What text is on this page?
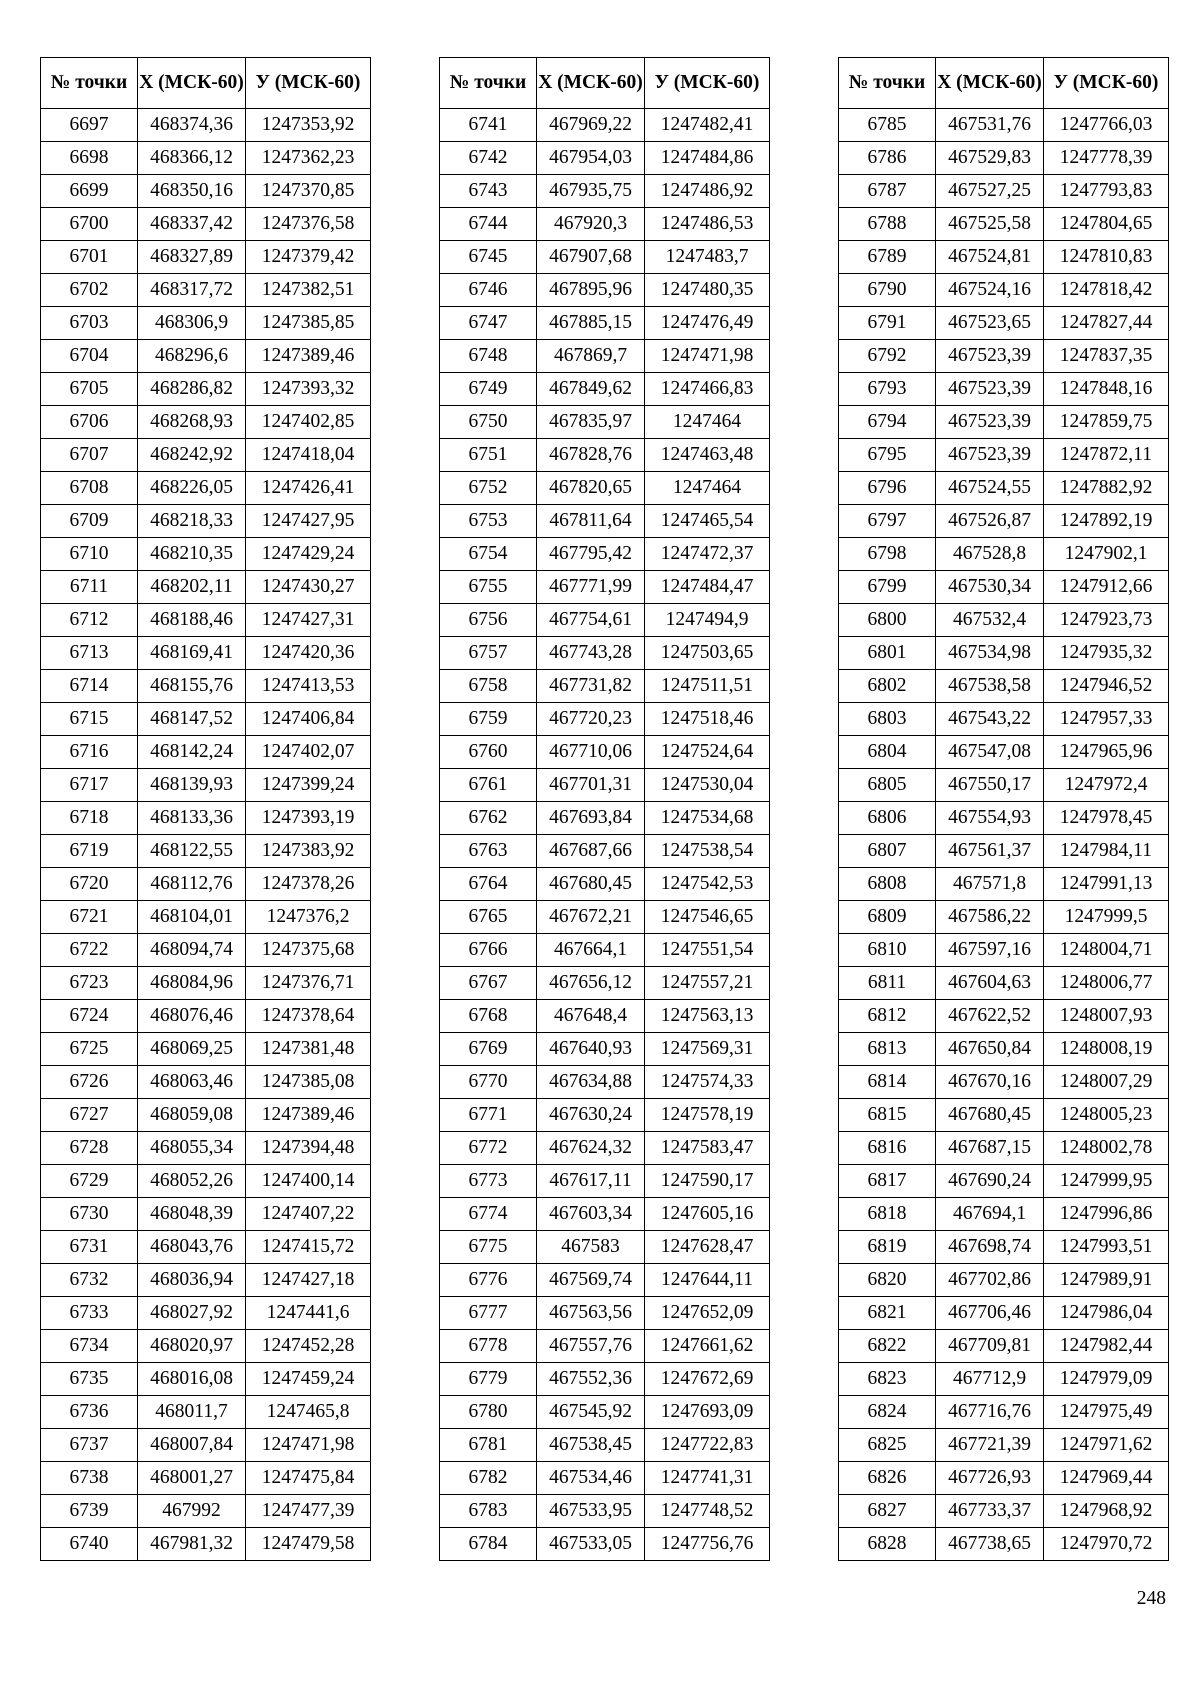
№ точки	Х (МСК-60)	У (МСК-60)
6697	468374,36	1247353,92
6698	468366,12	1247362,23
6699	468350,16	1247370,85
6700	468337,42	1247376,58
6701	468327,89	1247379,42
6702	468317,72	1247382,51
6703	468306,9	1247385,85
6704	468296,6	1247389,46
6705	468286,82	1247393,32
6706	468268,93	1247402,85
6707	468242,92	1247418,04
6708	468226,05	1247426,41
6709	468218,33	1247427,95
6710	468210,35	1247429,24
6711	468202,11	1247430,27
6712	468188,46	1247427,31
6713	468169,41	1247420,36
6714	468155,76	1247413,53
6715	468147,52	1247406,84
6716	468142,24	1247402,07
6717	468139,93	1247399,24
6718	468133,36	1247393,19
6719	468122,55	1247383,92
6720	468112,76	1247378,26
6721	468104,01	1247376,2
6722	468094,74	1247375,68
6723	468084,96	1247376,71
6724	468076,46	1247378,64
6725	468069,25	1247381,48
6726	468063,46	1247385,08
6727	468059,08	1247389,46
6728	468055,34	1247394,48
6729	468052,26	1247400,14
6730	468048,39	1247407,22
6731	468043,76	1247415,72
6732	468036,94	1247427,18
6733	468027,92	1247441,6
6734	468020,97	1247452,28
6735	468016,08	1247459,24
6736	468011,7	1247465,8
6737	468007,84	1247471,98
6738	468001,27	1247475,84
6739	467992	1247477,39
6740	467981,32	1247479,58
№ точки	Х (МСК-60)	У (МСК-60)
6741	467969,22	1247482,41
6742	467954,03	1247484,86
6743	467935,75	1247486,92
6744	467920,3	1247486,53
6745	467907,68	1247483,7
6746	467895,96	1247480,35
6747	467885,15	1247476,49
6748	467869,7	1247471,98
6749	467849,62	1247466,83
6750	467835,97	1247464
6751	467828,76	1247463,48
6752	467820,65	1247464
6753	467811,64	1247465,54
6754	467795,42	1247472,37
6755	467771,99	1247484,47
6756	467754,61	1247494,9
6757	467743,28	1247503,65
6758	467731,82	1247511,51
6759	467720,23	1247518,46
6760	467710,06	1247524,64
6761	467701,31	1247530,04
6762	467693,84	1247534,68
6763	467687,66	1247538,54
6764	467680,45	1247542,53
6765	467672,21	1247546,65
6766	467664,1	1247551,54
6767	467656,12	1247557,21
6768	467648,4	1247563,13
6769	467640,93	1247569,31
6770	467634,88	1247574,33
6771	467630,24	1247578,19
6772	467624,32	1247583,47
6773	467617,11	1247590,17
6774	467603,34	1247605,16
6775	467583	1247628,47
6776	467569,74	1247644,11
6777	467563,56	1247652,09
6778	467557,76	1247661,62
6779	467552,36	1247672,69
6780	467545,92	1247693,09
6781	467538,45	1247722,83
6782	467534,46	1247741,31
6783	467533,95	1247748,52
6784	467533,05	1247756,76
№ точки	Х (МСК-60)	У (МСК-60)
6785	467531,76	1247766,03
6786	467529,83	1247778,39
6787	467527,25	1247793,83
6788	467525,58	1247804,65
6789	467524,81	1247810,83
6790	467524,16	1247818,42
6791	467523,65	1247827,44
6792	467523,39	1247837,35
6793	467523,39	1247848,16
6794	467523,39	1247859,75
6795	467523,39	1247872,11
6796	467524,55	1247882,92
6797	467526,87	1247892,19
6798	467528,8	1247902,1
6799	467530,34	1247912,66
6800	467532,4	1247923,73
6801	467534,98	1247935,32
6802	467538,58	1247946,52
6803	467543,22	1247957,33
6804	467547,08	1247965,96
6805	467550,17	1247972,4
6806	467554,93	1247978,45
6807	467561,37	1247984,11
6808	467571,8	1247991,13
6809	467586,22	1247999,5
6810	467597,16	1248004,71
6811	467604,63	1248006,77
6812	467622,52	1248007,93
6813	467650,84	1248008,19
6814	467670,16	1248007,29
6815	467680,45	1248005,23
6816	467687,15	1248002,78
6817	467690,24	1247999,95
6818	467694,1	1247996,86
6819	467698,74	1247993,51
6820	467702,86	1247989,91
6821	467706,46	1247986,04
6822	467709,81	1247982,44
6823	467712,9	1247979,09
6824	467716,76	1247975,49
6825	467721,39	1247971,62
6826	467726,93	1247969,44
6827	467733,37	1247968,92
6828	467738,65	1247970,72
248
